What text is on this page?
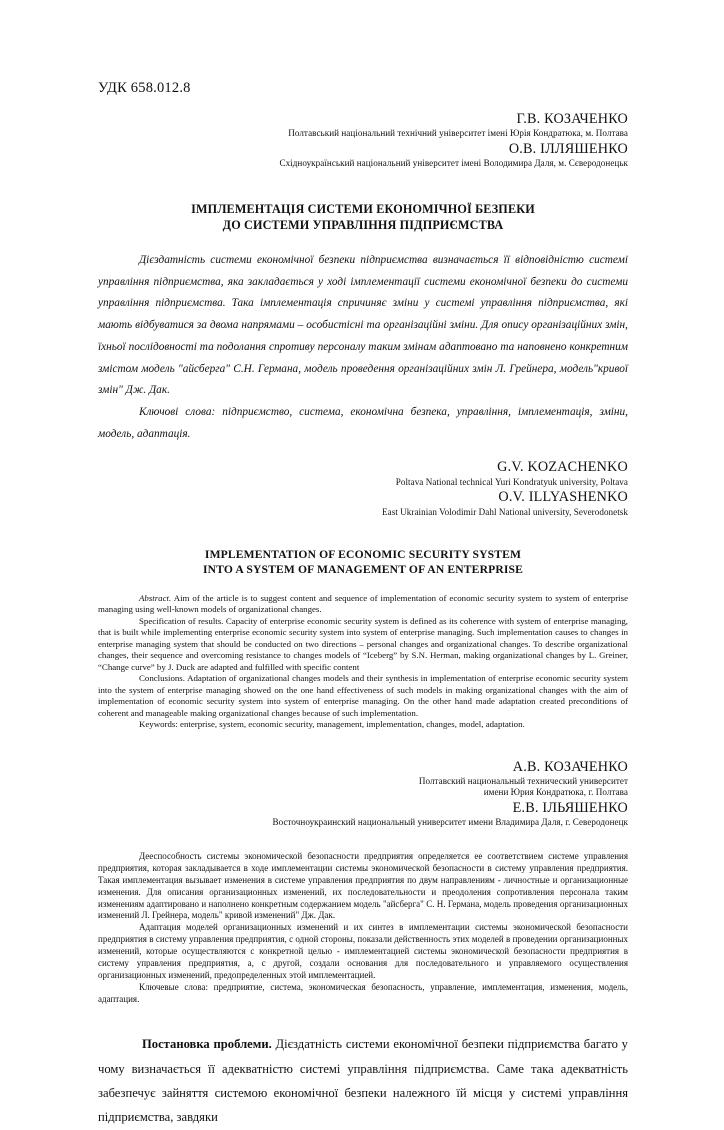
УДК 658.012.8
Г.В. КОЗАЧЕНКО
Полтавський національний технічний університет імені Юрія Кондратюка, м. Полтава
О.В. ІЛЛЯШЕНКО
Східноукраїнський національний університет імені Володимира Даля, м. Сєверодонецьк
ІМПЛЕМЕНТАЦІЯ СИСТЕМИ ЕКОНОМІЧНОЇ БЕЗПЕКИ
ДО СИСТЕМИ УПРАВЛІННЯ ПІДПРИЄМСТВА
Дієздатність системи економічної безпеки підприємства визначається її відповідністю системі управління підприємства, яка закладається у ході імплементації системи економічної безпеки до системи управління підприємства. Така імплементація спричиняє зміни у системі управління підприємства, які мають відбуватися за двома напрямами – особистісні та організаційні зміни. Для опису організаційних змін, їхньої послідовності та подолання спротиву персоналу таким змінам адаптовано та наповнено конкретним змістом модель "айсберга" С.Н. Германа, модель проведення організаційних змін Л. Грейнера, модель"кривої змін" Дж. Дак.
Ключові слова: підприємство, система, економічна безпека, управління, імплементація, зміни, модель, адаптація.
G.V. KOZACHENKO
Poltava National technical Yuri Kondratyuk university, Poltava
O.V. ILLYASHENKO
East Ukrainian Volodimir Dahl National university, Severodonetsk
IMPLEMENTATION OF ECONOMIC SECURITY SYSTEM
INTO A SYSTEM OF MANAGEMENT OF AN ENTERPRISE
Abstract. Aim of the article is to suggest content and sequence of implementation of economic security system to system of enterprise managing using well-known models of organizational changes.
Specification of results. Capacity of enterprise economic security system is defined as its coherence with system of enterprise managing, that is built while implementing enterprise economic security system into system of enterprise managing. Such implementation causes to changes in enterprise managing system that should be conducted on two directions – personal changes and organizational changes. To describe organizational changes, their sequence and overcoming resistance to changes models of “Iceberg” by S.N. Herman, making organizational changes by L. Greiner, “Change curve” by J. Duck are adapted and fulfilled with specific content
Conclusions. Adaptation of organizational changes models and their synthesis in implementation of enterprise economic security system into the system of enterprise managing showed on the one hand effectiveness of such models in making organizational changes with the aim of implementation of economic security system into system of enterprise managing. On the other hand made adaptation created preconditions of coherent and manageable making organizational changes because of such implementation.
Keywords: enterprise, system, economic security, management, implementation, changes, model, adaptation.
А.В. КОЗАЧЕНКО
Полтавский национальный технический университет
имени Юрия Кондратюка, г. Полтава
Е.В. ІЛЬЯШЕНКО
Восточноукраинский национальный университет имени Владимира Даля, г. Северодонецк
Дееспособность системы экономической безопасности предприятия определяется ее соответствием системе управления предприятия, которая закладывается в ходе имплементации системы экономической безопасности в систему управления предприятия. Такая имплементация вызывает изменения в системе управления предприятия по двум направлениям - личностные и организационные изменения. Для описания организационных изменений, их последовательности и преодоления сопротивления персонала таким изменениям адаптировано и наполнено конкретным содержанием модель "айсберга" С. Н. Германа, модель проведения организационных изменений Л. Грейнера, модель" кривой изменений" Дж. Дак.
Адаптация моделей организационных изменений и их синтез в имплементации системы экономической безопасности предприятия в систему управления предприятия, с одной стороны, показали действенность этих моделей в проведении организационных изменений, которые осуществляются с конкретной целью - имплементацией системы экономической безопасности предприятия в систему управления предприятия, а, с другой, создали основания для последовательного и управляемого осуществления организационных изменений, предопределенных этой имплементацией.
Ключевые слова: предприятие, система, экономическая безопасность, управление, имплементация, изменения, модель, адаптация.
Постановка проблеми. Дієздатність системи економічної безпеки підприємства багато у чому визначається її адекватністю системі управління підприємства. Саме така адекватність забезпечує зайняття системою економічної безпеки належного їй місця у системі управління підприємства, завдяки
